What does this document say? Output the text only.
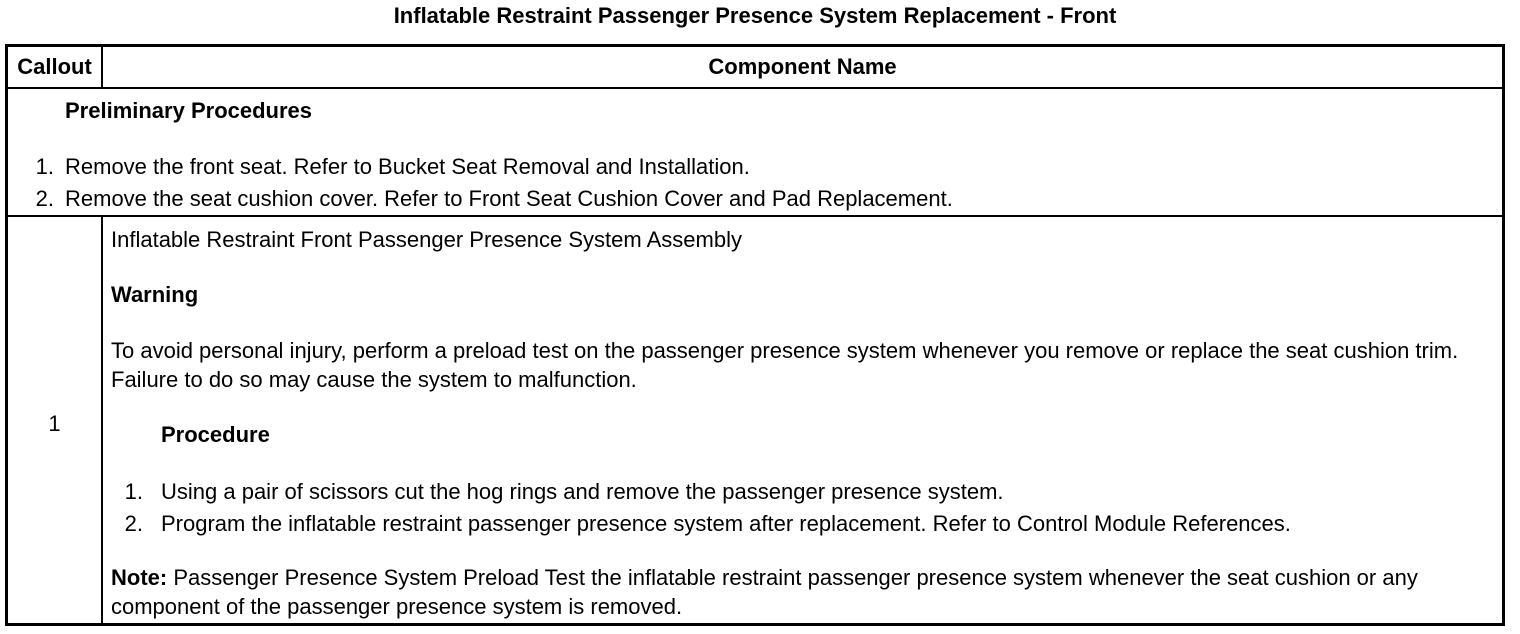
Inflatable Restraint Passenger Presence System Replacement - Front
Callout	Component Name
Preliminary Procedures
1. Remove the front seat. Refer to Bucket Seat Removal and Installation.
2. Remove the seat cushion cover. Refer to Front Seat Cushion Cover and Pad Replacement.
1
Inflatable Restraint Front Passenger Presence System Assembly
Warning
To avoid personal injury, perform a preload test on the passenger presence system whenever you remove or replace the seat cushion trim. Failure to do so may cause the system to malfunction.
Procedure
1. Using a pair of scissors cut the hog rings and remove the passenger presence system.
2. Program the inflatable restraint passenger presence system after replacement. Refer to Control Module References.
Note: Passenger Presence System Preload Test the inflatable restraint passenger presence system whenever the seat cushion or any component of the passenger presence system is removed.
